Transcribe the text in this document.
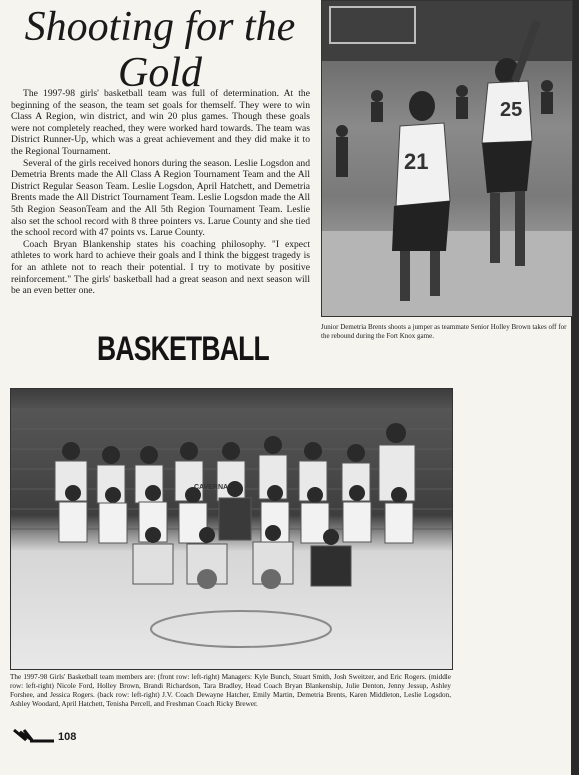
Shooting for the Gold

The 1997-98 girls' basketball team was full of determination. At the beginning of the season, the team set goals for themself. They were to win Class A Region, win district, and win 20 plus games. Though these goals were not completely reached, they were worked hard towards. The team was District Runner-Up, which was a great achievement and they did make it to the Regional Tournament.

Several of the girls received honors during the season. Leslie Logsdon and Demetria Brents made the All Class A Region Tournament Team and the All District Regular Season Team. Leslie Logsdon, April Hatchett, and Demetria Brents made the All District Tournament Team. Leslie Logsdon made the All 5th Region SeasonTeam and the All 5th Region Tournament Team. Leslie also set the school record with 8 three pointers vs. Larue County and she tied the school record with 47 points vs. Larue County.

Coach Bryan Blankenship states his coaching philosophy. "I expect athletes to work hard to achieve their goals and I think the biggest tragedy is for an athlete not to reach their potential. I try to motivate by positive reinforcement." The girls' basketball had a great season and next season will be an even better one.

25
21
Junior Demetria Brents shoots a jumper as teammate Senior Holley Brown takes off for the rebound during the Fort Knox game.
BASKETBALL
CAVERNA
The 1997-98 Girls' Basketball team members are: (front row: left-right) Managers: Kyle Bunch, Stuart Smith, Josh Sweitzer, and Eric Rogers. (middle row: left-right) Nicole Ford, Holley Brown, Brandi Richardson, Tara Bradley, Head Coach Bryan Blankenship, Julie Denton, Jenny Jessup, Ashley Forshee, and Jessica Rogers. (back row: left-right) J.V. Coach Dewayne Hatcher, Emily Martin, Demetria Brents, Karen Middleton, Leslie Logsdon, Ashley Woodard, April Hatchett, Tenisha Percell, and Freshman Coach Ricky Brewer.
108
